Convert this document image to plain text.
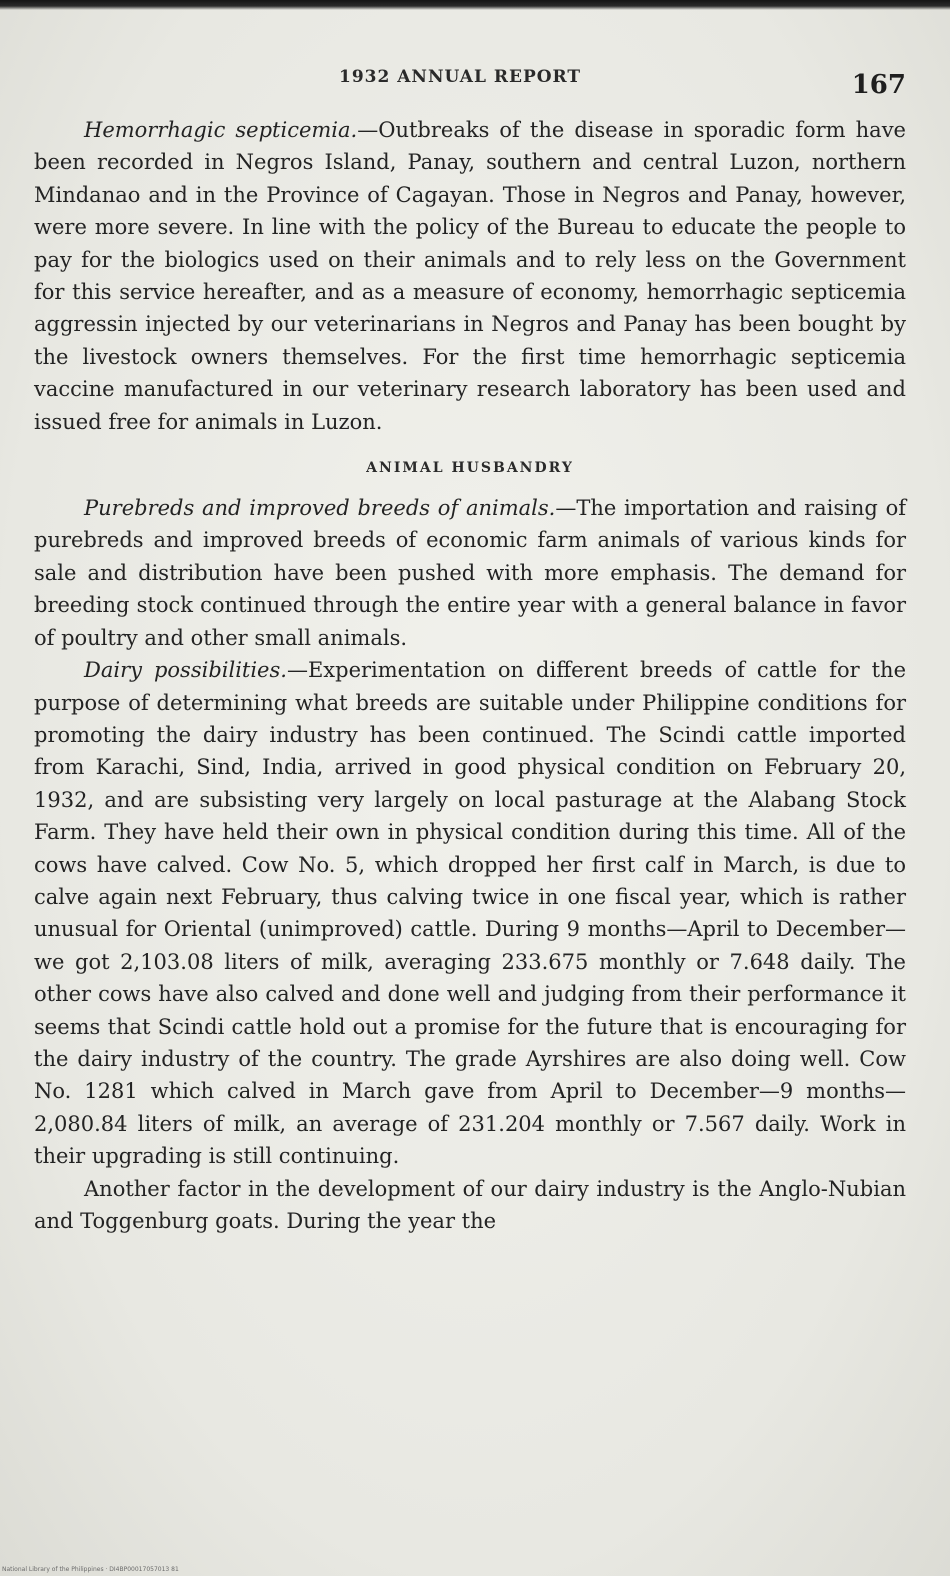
1932 ANNUAL REPORT	167

Hemorrhagic septicemia.—Outbreaks of the disease in sporadic form have been recorded in Negros Island, Panay, southern and central Luzon, northern Mindanao and in the Province of Cagayan. Those in Negros and Panay, however, were more severe. In line with the policy of the Bureau to educate the people to pay for the biologics used on their animals and to rely less on the Government for this service hereafter, and as a measure of economy, hemorrhagic septicemia aggressin injected by our veterinarians in Negros and Panay has been bought by the livestock owners themselves. For the first time hemorrhagic septicemia vaccine manufactured in our veterinary research laboratory has been used and issued free for animals in Luzon.

ANIMAL HUSBANDRY

Purebreds and improved breeds of animals.—The importation and raising of purebreds and improved breeds of economic farm animals of various kinds for sale and distribution have been pushed with more emphasis. The demand for breeding stock continued through the entire year with a general balance in favor of poultry and other small animals.

Dairy possibilities.—Experimentation on different breeds of cattle for the purpose of determining what breeds are suitable under Philippine conditions for promoting the dairy industry has been continued. The Scindi cattle imported from Karachi, Sind, India, arrived in good physical condition on February 20, 1932, and are subsisting very largely on local pasturage at the Alabang Stock Farm. They have held their own in physical condition during this time. All of the cows have calved. Cow No. 5, which dropped her first calf in March, is due to calve again next February, thus calving twice in one fiscal year, which is rather unusual for Oriental (unimproved) cattle. During 9 months—April to December—we got 2,103.08 liters of milk, averaging 233.675 monthly or 7.648 daily. The other cows have also calved and done well and judging from their performance it seems that Scindi cattle hold out a promise for the future that is encouraging for the dairy industry of the country. The grade Ayrshires are also doing well. Cow No. 1281 which calved in March gave from April to December—9 months—2,080.84 liters of milk, an average of 231.204 monthly or 7.567 daily. Work in their upgrading is still continuing.

Another factor in the development of our dairy industry is the Anglo-Nubian and Toggenburg goats. During the year the

National Library of the Philippines · DI4BP00017057013 81
